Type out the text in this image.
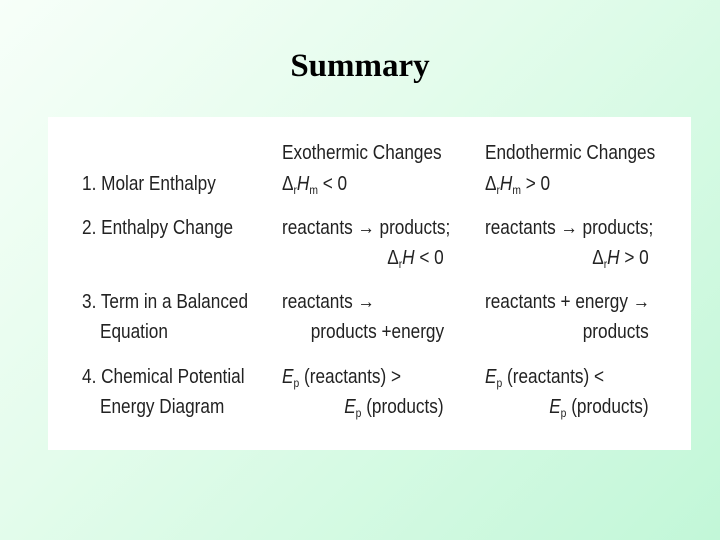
Summary
Exothermic Changes Endothermic Changes
1. Molar Enthalpy	$\Delta_rH_m < 0$	$\Delta_rH_m > 0$
2. Enthalpy Change reactants → products;
$\Delta_rH < 0$
reactants → products;
$\Delta_rH > 0$
3. Term in a Balanced
Equation
reactants →
products +energy
reactants + energy →
products
4. Chemical Potential
Energy Diagram
$E_p$ (reactants) >
$E_p$ (products)
$E_p$ (reactants) <
$E_p$ (products)
